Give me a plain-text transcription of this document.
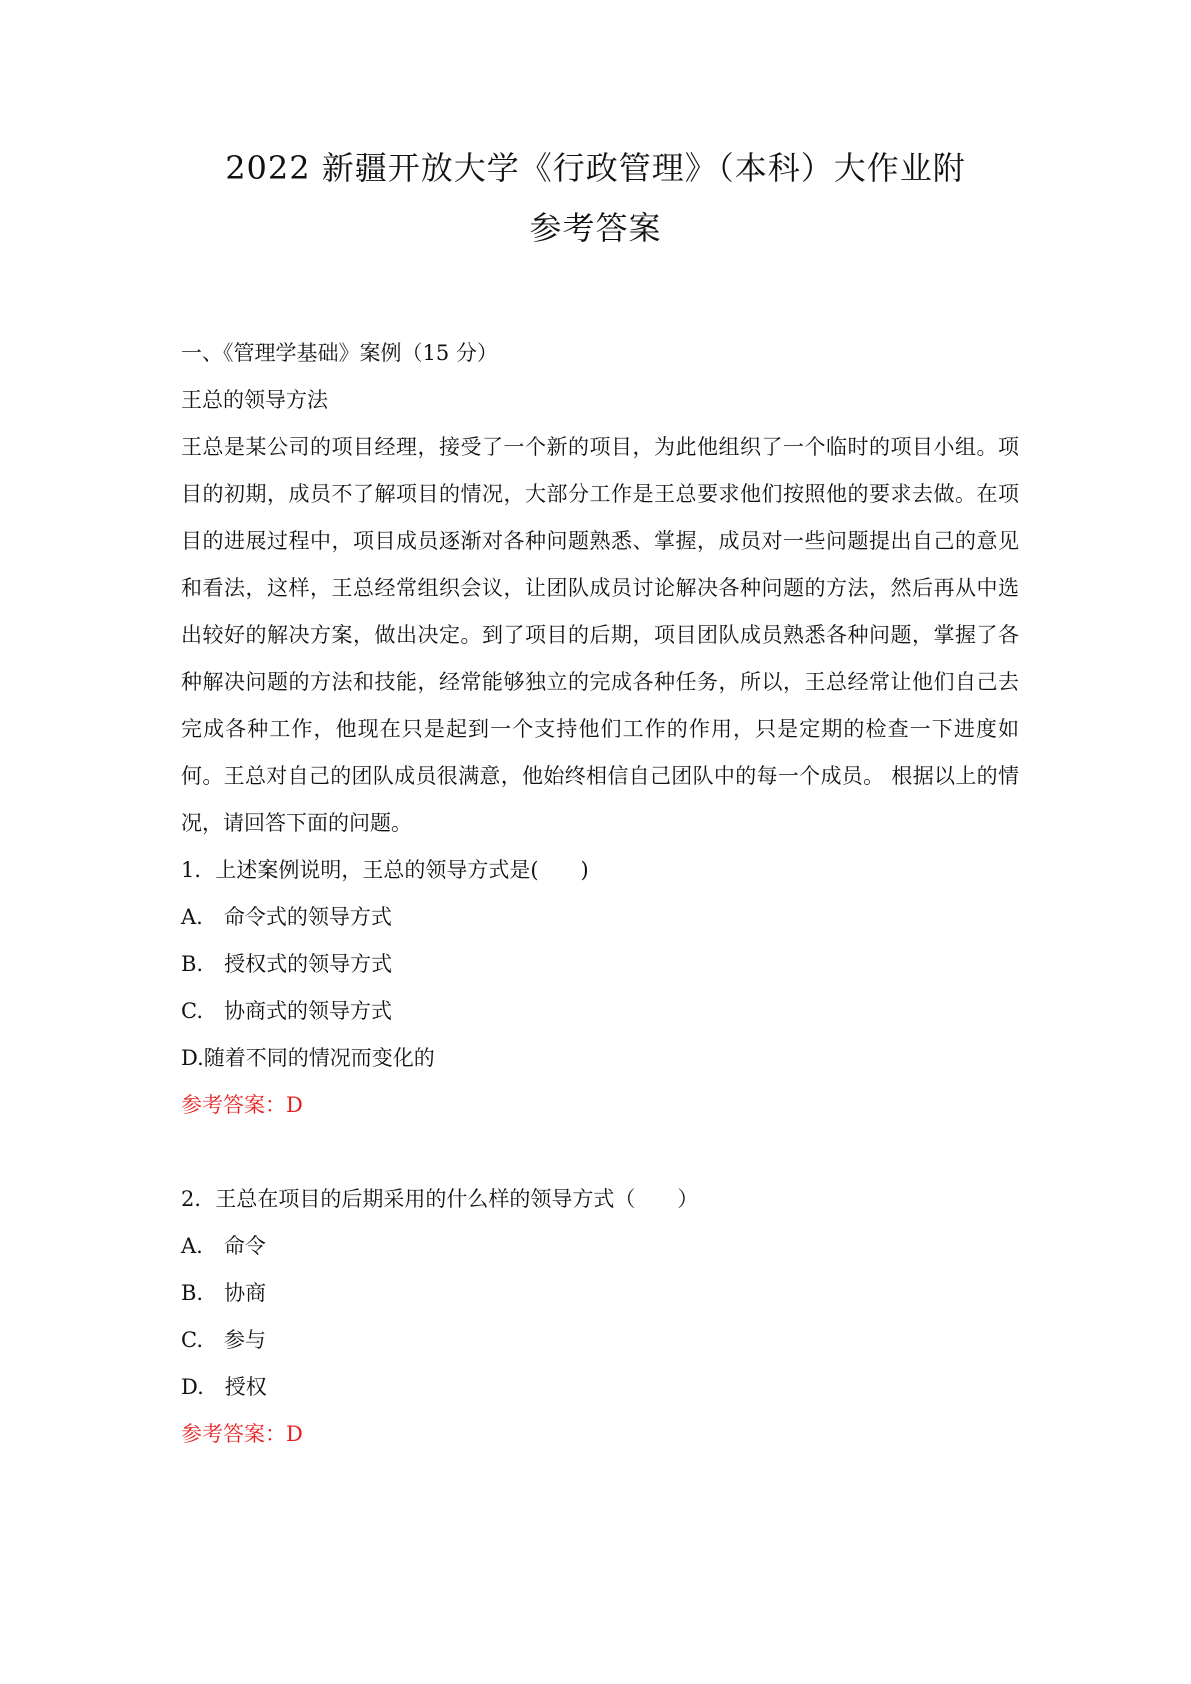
2022 新疆开放大学《行政管理》（本科）大作业附
参考答案
一、《管理学基础》案例（15 分）
王总的领导方法
王总是某公司的项目经理，接受了一个新的项目，为此他组织了一个临时的项目小组。项目的初期，成员不了解项目的情况，大部分工作是王总要求他们按照他的要求去做。在项目的进展过程中，项目成员逐渐对各种问题熟悉、掌握，成员对一些问题提出自己的意见和看法，这样，王总经常组织会议，让团队成员讨论解决各种问题的方法，然后再从中选出较好的解决方案，做出决定。到了项目的后期，项目团队成员熟悉各种问题，掌握了各种解决问题的方法和技能，经常能够独立的完成各种任务，所以，王总经常让他们自己去完成各种工作，他现在只是起到一个支持他们工作的作用，只是定期的检查一下进度如何。王总对自己的团队成员很满意，他始终相信自己团队中的每一个成员。 根据以上的情况，请回答下面的问题。
1．上述案例说明，王总的领导方式是(　　)
A.　命令式的领导方式
B.　授权式的领导方式
C.　协商式的领导方式
D.随着不同的情况而变化的
参考答案：D
2．王总在项目的后期采用的什么样的领导方式（　　）
A.　命令
B.　协商
C.　参与
D.　授权
参考答案：D
